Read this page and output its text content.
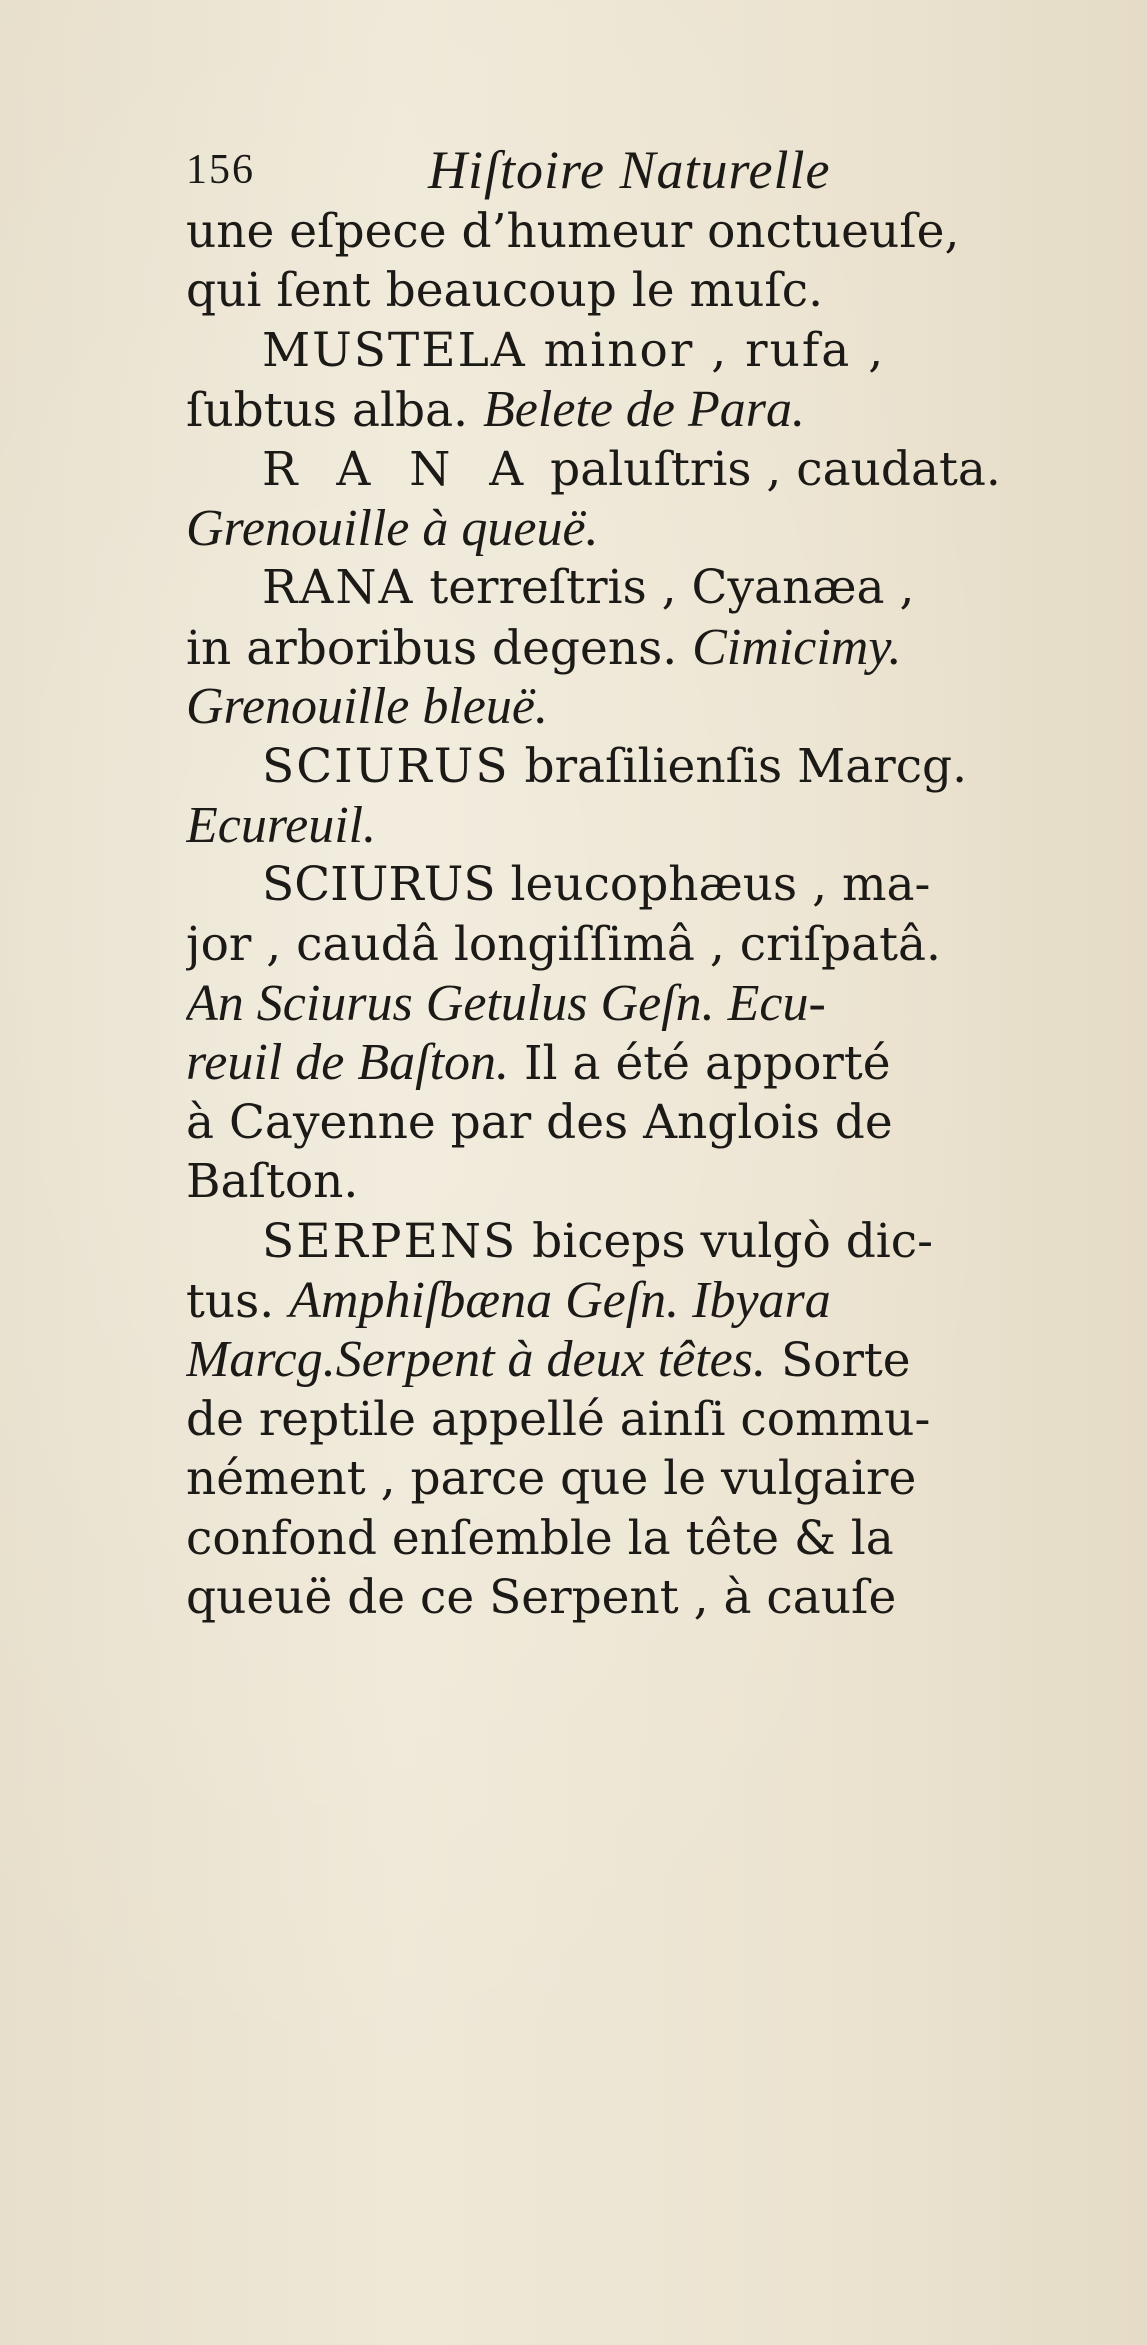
156	Hiſtoire Naturelle
une eſpece d’humeur onctueuſe,
qui ſent beaucoup le muſc.
MUSTELA minor , rufa ,
ſubtus alba. Belete de Para.
R A N A paluſtris , caudata.
Grenouille à queuë.
RANA terreſtris , Cyanæa ,
in arboribus degens. Cimicimy.
Grenouille bleuë.
SCIURUS braſilienſis Marcg.
Ecureuil.
SCIURUS leucophæus , ma-
jor , caudâ longiſſimâ , criſpatâ.
An Sciurus Getulus Geſn. Ecu-
reuil de Baſton. Il a été apporté
à Cayenne par des Anglois de
Baſton.
SERPENS biceps vulgò dic-
tus. Amphiſbæna Geſn. Ibyara
Marcg.Serpent à deux têtes. Sorte
de reptile appellé ainſi commu-
nément , parce que le vulgaire
confond enſemble la tête & la
queuë de ce Serpent , à cauſe
